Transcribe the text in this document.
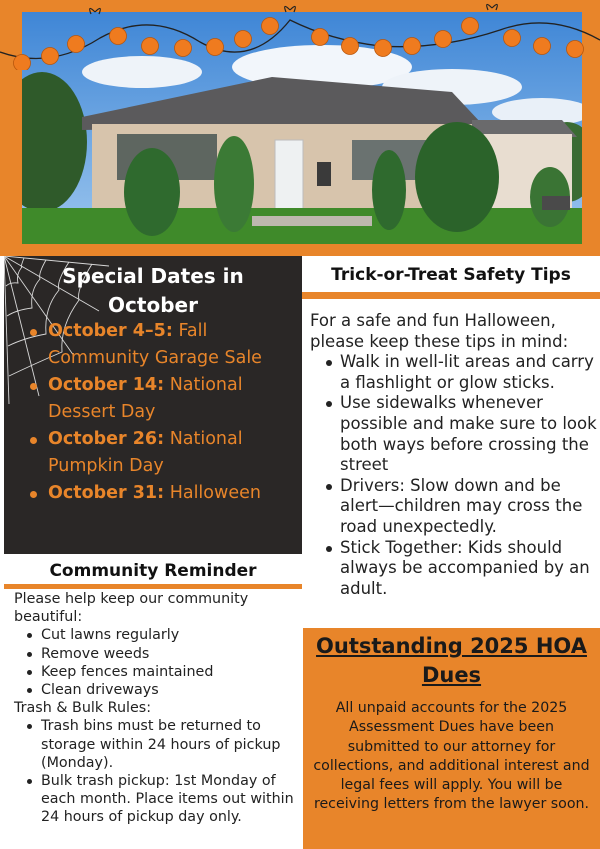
Special Dates in October
October 4–5: Fall Community Garage Sale
October 14: National Dessert Day
October 26: National Pumpkin Day
October 31: Halloween
Trick-or-Treat Safety Tips

For a safe and fun Halloween, please keep these tips in mind:

Walk in well-lit areas and carry a flashlight or glow sticks.
Use sidewalks whenever possible and make sure to look both ways before crossing the street
Drivers: Slow down and be alert—children may cross the road unexpectedly.
Stick Together: Kids should always be accompanied by an adult.
Community Reminder

Please help keep our community beautiful:

Cut lawns regularly
Remove weeds
Keep fences maintained
Clean driveways

Trash & Bulk Rules:

Trash bins must be returned to storage within 24 hours of pickup (Monday).
Bulk trash pickup: 1st Monday of each month. Place items out within 24 hours of pickup day only.
Outstanding 2025 HOA Dues

All unpaid accounts for the 2025 Assessment Dues have been submitted to our attorney for collections, and additional interest and legal fees will apply. You will be receiving letters from the lawyer soon.
